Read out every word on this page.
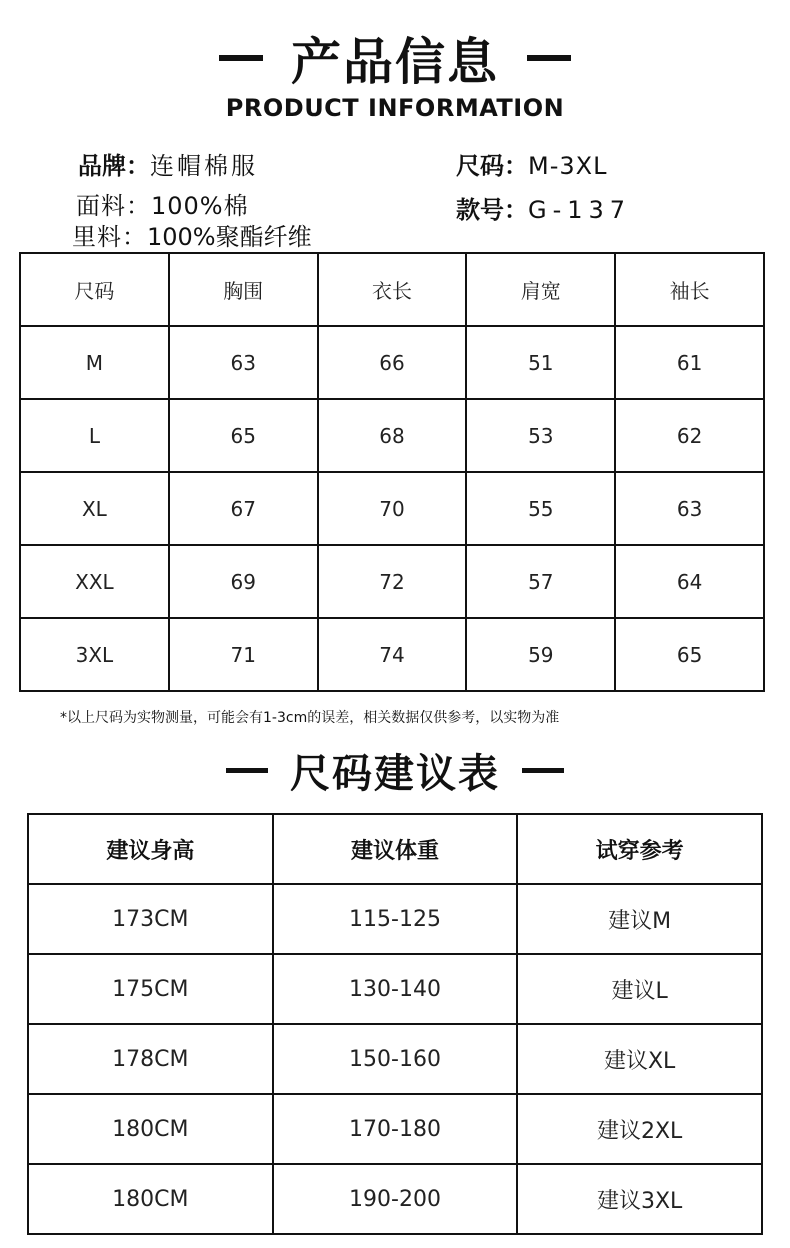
产品信息
PRODUCT INFORMATION
品牌：连帽棉服	尺码：M-3XL
面料：100%棉	款号：G-137
里料：100%聚酯纤维
尺码	胸围	衣长	肩宽	袖长
M	63	66	51	61
L	65	68	53	62
XL	67	70	55	63
XXL	69	72	57	64
3XL	71	74	59	65
*以上尺码为实物测量，可能会有1-3cm的误差，相关数据仅供参考，以实物为准
尺码建议表
建议身高	建议体重	试穿参考
173CM	115-125	建议M
175CM	130-140	建议L
178CM	150-160	建议XL
180CM	170-180	建议2XL
180CM	190-200	建议3XL
